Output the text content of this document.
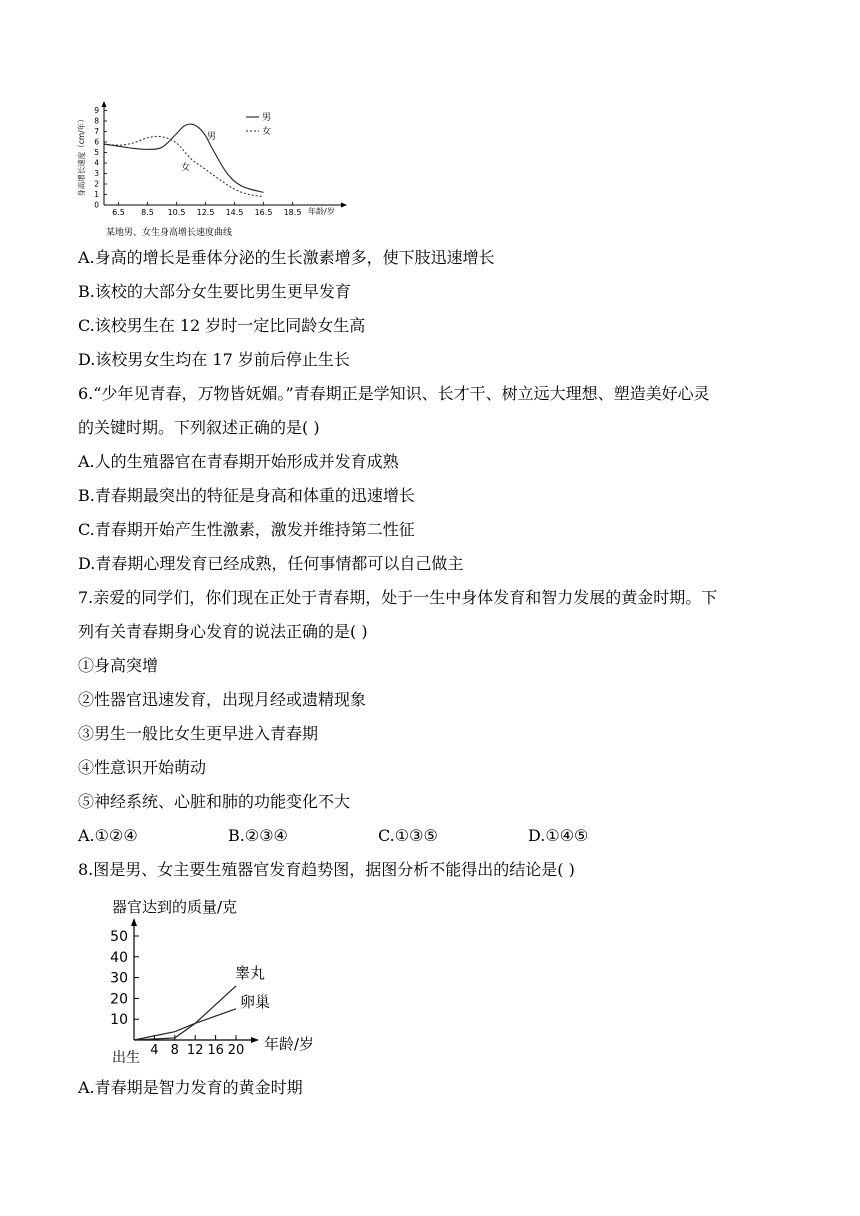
0
1
2
3
4
5
6
7
8
9
6.5 8.5 10.5 12.5 14.5 16.5 18.5
身高增长速度（cm/年）
年龄/岁
男
女
男
女
某地男、女生身高增长速度曲线
A.身高的增长是垂体分泌的生长激素增多，使下肢迅速增长
B.该校的大部分女生要比男生更早发育
C.该校男生在 12 岁时一定比同龄女生高
D.该校男女生均在 17 岁前后停止生长
6.“少年见青春，万物皆妩媚。”青春期正是学知识、长才干、树立远大理想、塑造美好心灵
的关键时期。下列叙述正确的是( )
A.人的生殖器官在青春期开始形成并发育成熟
B.青春期最突出的特征是身高和体重的迅速增长
C.青春期开始产生性激素，激发并维持第二性征
D.青春期心理发育已经成熟，任何事情都可以自己做主
7.亲爱的同学们，你们现在正处于青春期，处于一生中身体发育和智力发展的黄金时期。下
列有关青春期身心发育的说法正确的是( )
①身高突增
②性器官迅速发育，出现月经或遗精现象
③男生一般比女生更早进入青春期
④性意识开始萌动
⑤神经系统、心脏和肺的功能变化不大
A.①②④	B.②③④	C.①③⑤	D.①④⑤
8.图是男、女主要生殖器官发育趋势图，据图分析不能得出的结论是( )
器官达到的质量/克
10
20
30
40
50
4 8 12 16 20
出生
年龄/岁
睾丸
卵巢
A.青春期是智力发育的黄金时期
